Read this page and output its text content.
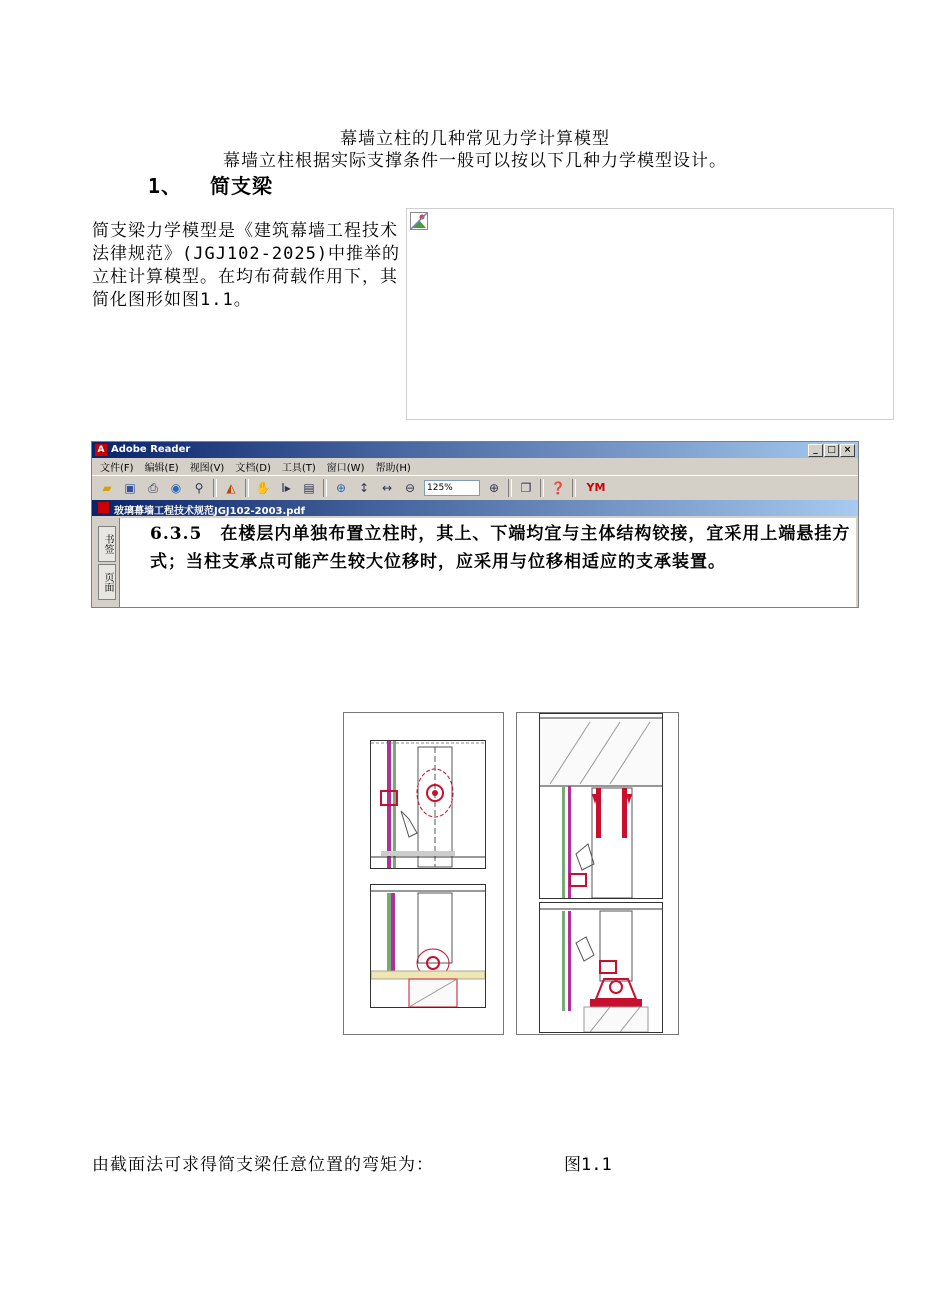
幕墙立柱的几种常见力学计算模型
幕墙立柱根据实际支撑条件一般可以按以下几种力学模型设计。
1、 简支梁
简支梁力学模型是《建筑幕墙工程技术法律规范》(JGJ102-2025)中推举的立柱计算模型。在均布荷载作用下，其简化图形如图1.1。
A Adobe Reader	_	□ ×
文件(F) 编辑(E) 视图(V) 文档(D) 工具(T) 窗口(W) 帮助(H)
▰	▣	⎙	◉	⚲	◭	✋ I▸	▤	⊕	↕	↔	⊖	125%	⊕	❐	❓	YM
玻璃幕墙工程技术规范JGJ102-2003.pdf
书签
页面
6.3.5　在楼层内单独布置立柱时，其上、下端均宜与主体结构铰接，宜采用上端悬挂方式；当柱支承点可能产生较大位移时，应采用与位移相适应的支承装置。
由截面法可求得简支梁任意位置的弯矩为：	图1.1
